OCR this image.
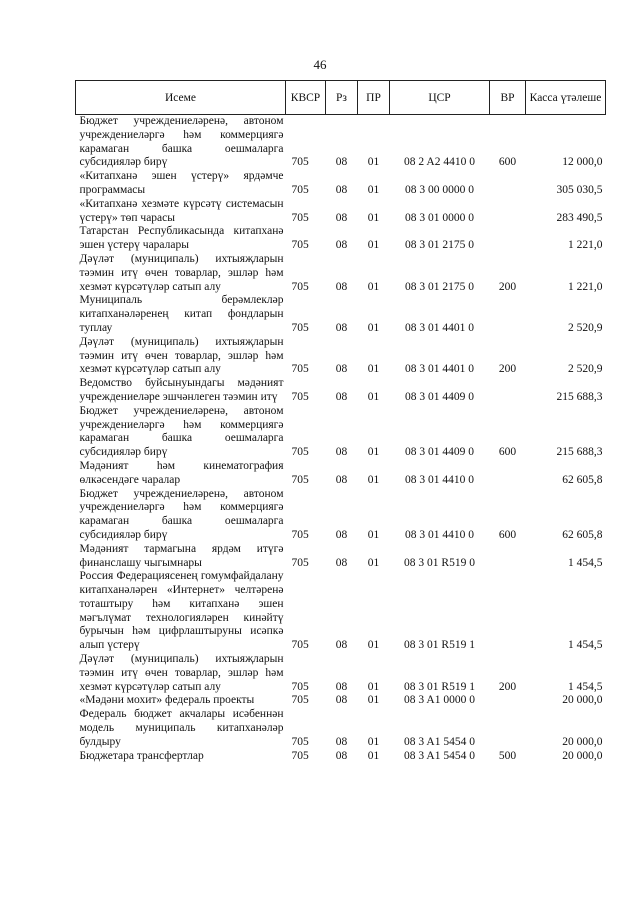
46
Исеме	КВСР	Рз	ПР	ЦСР	ВР	Касса үтәлеше
Бюджет учреждениеләренә, автоном учреждениеләргә һәм коммерциягә карамаган башка оешмаларга субсидияләр бирү	705	08	01	08 2 A2 4410 0	600	12 000,0
«Китапханә эшен үстерү» ярдәмче программасы	705	08	01	08 3 00 0000 0		305 030,5
«Китапханә хезмәте күрсәтү системасын үстерү» төп чарасы	705	08	01	08 3 01 0000 0		283 490,5
Татарстан Республикасында китапханә эшен үстерү чаралары	705	08	01	08 3 01 2175 0		1 221,0
Дәүләт (муниципаль) ихтыяҗларын тәэмин итү өчен товарлар, эшләр һәм хезмәт күрсәтүләр сатып алу	705	08	01	08 3 01 2175 0	200	1 221,0
Муниципаль берәмлекләр китапханәләренең китап фондларын туплау	705	08	01	08 3 01 4401 0		2 520,9
Дәүләт (муниципаль) ихтыяҗларын тәэмин итү өчен товарлар, эшләр һәм хезмәт күрсәтүләр сатып алу	705	08	01	08 3 01 4401 0	200	2 520,9
Ведомство буйсынуындагы мәдәният учреждениеләре эшчәнлеген тәэмин итү	705	08	01	08 3 01 4409 0		215 688,3
Бюджет учреждениеләренә, автоном учреждениеләргә һәм коммерциягә карамаган башка оешмаларга субсидияләр бирү	705	08	01	08 3 01 4409 0	600	215 688,3
Мәдәният һәм кинематография өлкәсендәге чаралар	705	08	01	08 3 01 4410 0		62 605,8
Бюджет учреждениеләренә, автоном учреждениеләргә һәм коммерциягә карамаган башка оешмаларга субсидияләр бирү	705	08	01	08 3 01 4410 0	600	62 605,8
Мәдәният тармагына ярдәм итүгә финанслашу чыгымнары	705	08	01	08 3 01 R519 0		1 454,5
Россия Федерациясенең гомумфайдалану китапханәләрен «Интернет» челтәренә тоташтыру һәм китапханә эшен мәгълүмат технологияләрен кинәйтү бурычын һәм цифрлаштыруны исәпкә алып үстерү	705	08	01	08 3 01 R519 1		1 454,5
Дәүләт (муниципаль) ихтыяҗларын тәэмин итү өчен товарлар, эшләр һәм хезмәт күрсәтүләр сатып алу	705	08	01	08 3 01 R519 1	200	1 454,5
«Мәдәни мохит» федераль проекты	705	08	01	08 3 A1 0000 0		20 000,0
Федераль бюджет акчалары исәбеннән модель муниципаль китапханәләр булдыру	705	08	01	08 3 A1 5454 0		20 000,0
Бюджетара трансфертлар	705	08	01	08 3 A1 5454 0	500	20 000,0
